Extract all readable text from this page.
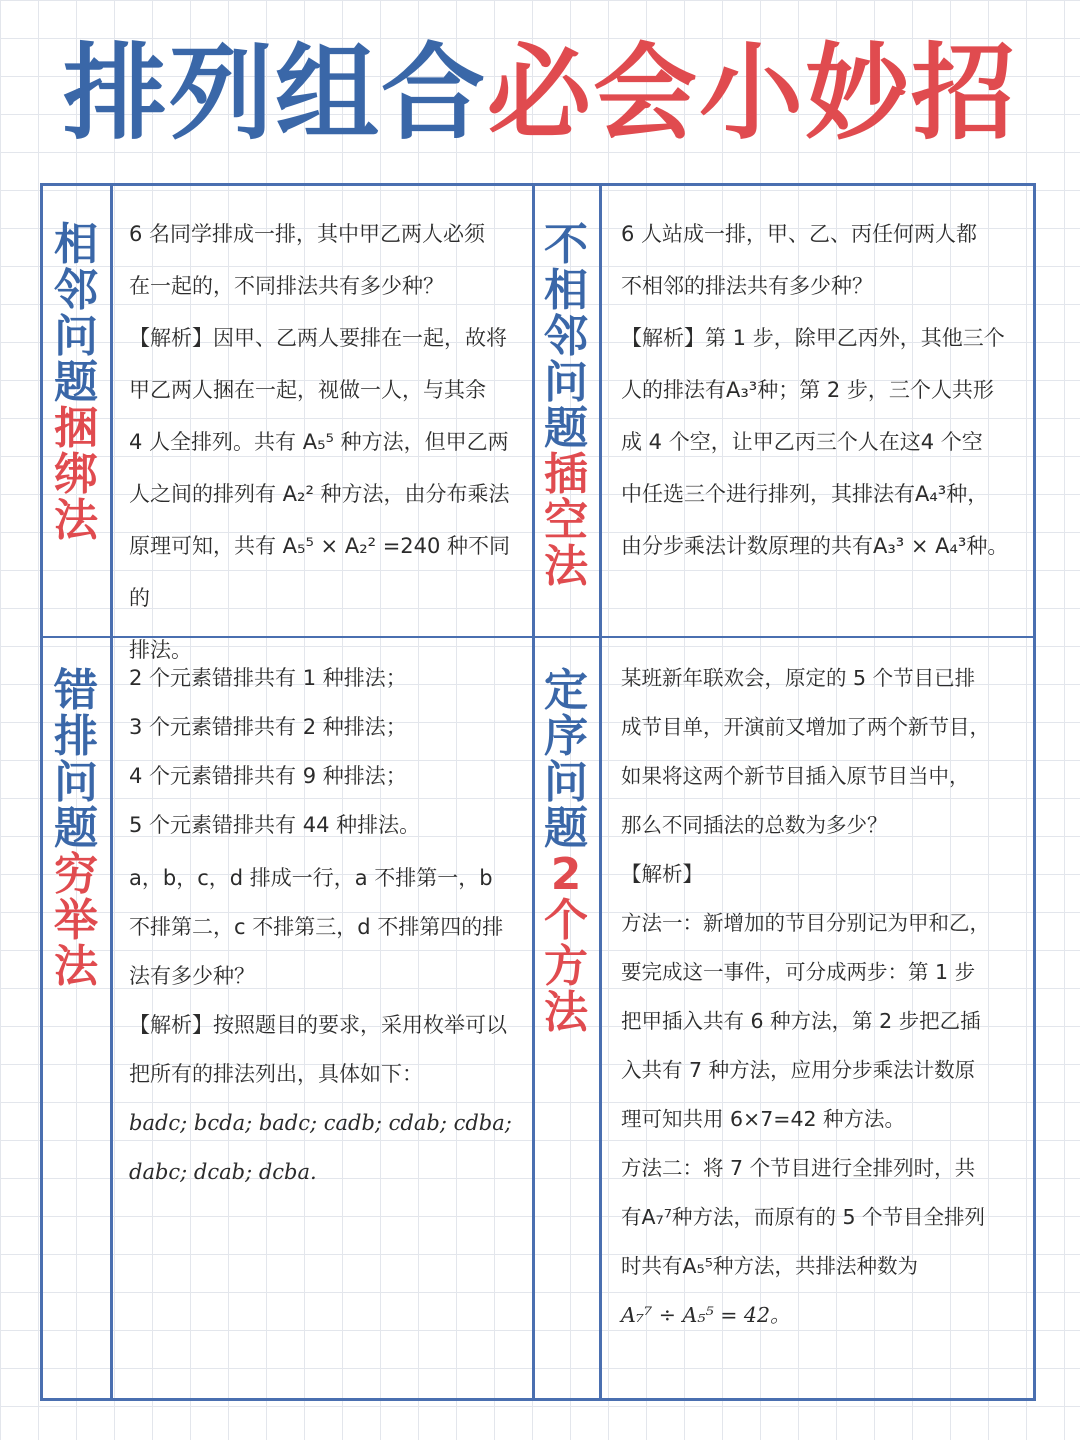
排列组合必会小妙招
相邻问题
捆绑法
不相邻问题
插空法
错排问题
穷举法
定序问题
2个方法

6 名同学排成一排，其中甲乙两人必须

在一起的，不同排法共有多少种？

【解析】因甲、乙两人要排在一起，故将

甲乙两人捆在一起，视做一人，与其余

4 人全排列。共有 A₅⁵ 种方法，但甲乙两

人之间的排列有 A₂² 种方法，由分布乘法

原理可知，共有 A₅⁵ × A₂² =240 种不同的

排法。

6 人站成一排，甲、乙、丙任何两人都

不相邻的排法共有多少种？

【解析】第 1 步，除甲乙丙外，其他三个

人的排法有A₃³种；第 2 步，三个人共形

成 4 个空，让甲乙丙三个人在这4 个空

中任选三个进行排列，其排法有A₄³种，

由分步乘法计数原理的共有A₃³ × A₄³种。

2 个元素错排共有 1 种排法；

3 个元素错排共有 2 种排法；

4 个元素错排共有 9 种排法；

5 个元素错排共有 44 种排法。

a，b，c，d 排成一行，a 不排第一，b

不排第二，c 不排第三，d 不排第四的排

法有多少种？

【解析】按照题目的要求，采用枚举可以

把所有的排法列出，具体如下：

badc; bcda; badc; cadb; cdab; cdba;

dabc; dcab; dcba.

某班新年联欢会，原定的 5 个节目已排

成节目单，开演前又增加了两个新节目，

如果将这两个新节目插入原节目当中，

那么不同插法的总数为多少？

【解析】

方法一：新增加的节目分别记为甲和乙，

要完成这一事件，可分成两步：第 1 步

把甲插入共有 6 种方法，第 2 步把乙插

入共有 7 种方法，应用分步乘法计数原

理可知共用 6×7=42 种方法。

方法二：将 7 个节目进行全排列时，共

有A₇⁷种方法，而原有的 5 个节目全排列

时共有A₅⁵种方法，共排法种数为

A₇⁷ ÷ A₅⁵ = 42。
